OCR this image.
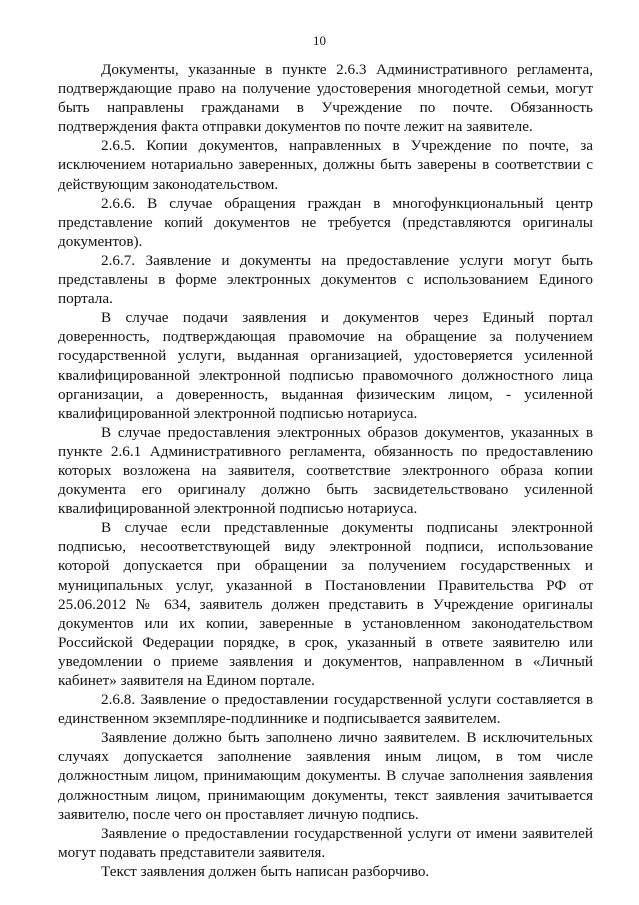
10

Документы, указанные в пункте 2.6.3 Административного регламента, подтверждающие право на получение удостоверения многодетной семьи, могут быть направлены гражданами в Учреждение по почте. Обязанность подтверждения факта отправки документов по почте лежит на заявителе.

2.6.5. Копии документов, направленных в Учреждение по почте, за исключением нотариально заверенных, должны быть заверены в соответствии с действующим законодательством.

2.6.6. В случае обращения граждан в многофункциональный центр представление копий документов не требуется (представляются оригиналы документов).

2.6.7. Заявление и документы на предоставление услуги могут быть представлены в форме электронных документов с использованием Единого портала.

В случае подачи заявления и документов через Единый портал доверенность, подтверждающая правомочие на обращение за получением государственной услуги, выданная организацией, удостоверяется усиленной квалифицированной электронной подписью правомочного должностного лица организации, а доверенность, выданная физическим лицом, - усиленной квалифицированной электронной подписью нотариуса.

В случае предоставления электронных образов документов, указанных в пункте 2.6.1 Административного регламента, обязанность по предоставлению которых возложена на заявителя, соответствие электронного образа копии документа его оригиналу должно быть засвидетельствовано усиленной квалифицированной электронной подписью нотариуса.

В случае если представленные документы подписаны электронной подписью, несоответствующей виду электронной подписи, использование которой допускается при обращении за получением государственных и муниципальных услуг, указанной в Постановлении Правительства РФ от 25.06.2012 № 634, заявитель должен представить в Учреждение оригиналы документов или их копии, заверенные в установленном законодательством Российской Федерации порядке, в срок, указанный в ответе заявителю или уведомлении о приеме заявления и документов, направленном в «Личный кабинет» заявителя на Едином портале.

2.6.8. Заявление о предоставлении государственной услуги составляется в единственном экземпляре-подлиннике и подписывается заявителем.

Заявление должно быть заполнено лично заявителем. В исключительных случаях допускается заполнение заявления иным лицом, в том числе должностным лицом, принимающим документы. В случае заполнения заявления должностным лицом, принимающим документы, текст заявления зачитывается заявителю, после чего он проставляет личную подпись.

Заявление о предоставлении государственной услуги от имени заявителей могут подавать представители заявителя.

Текст заявления должен быть написан разборчиво.
